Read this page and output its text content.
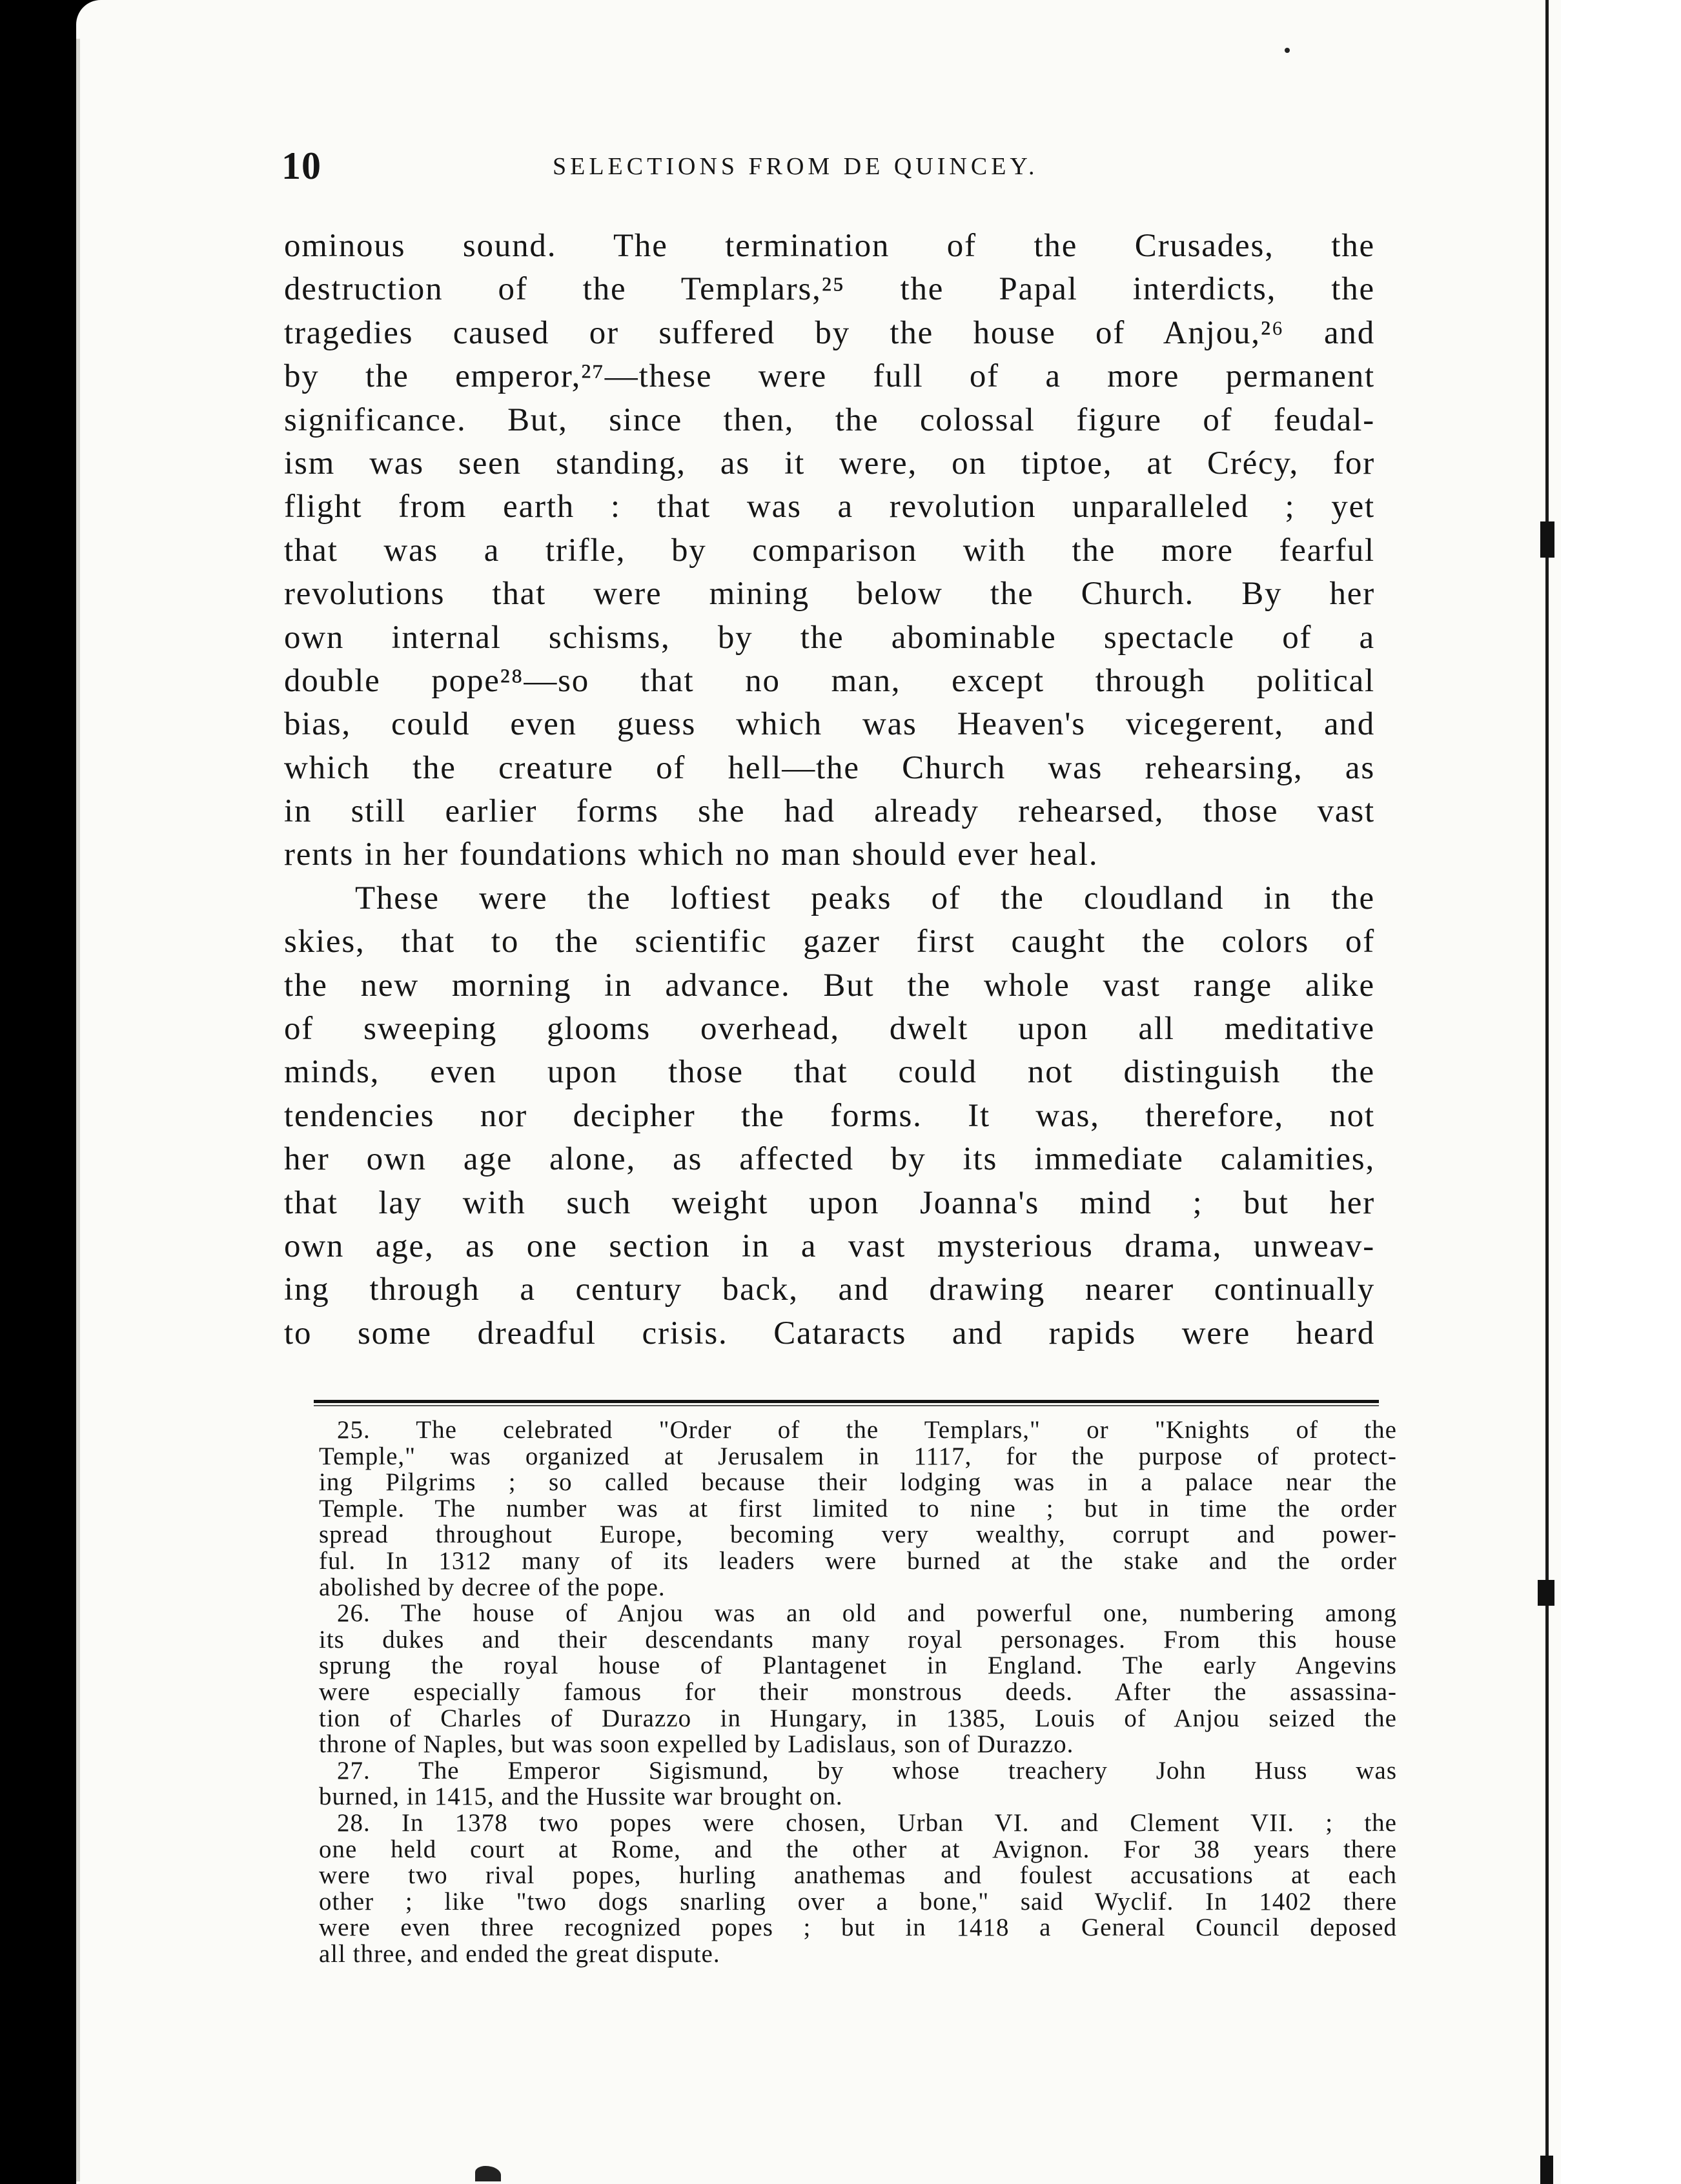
10	SELECTIONS FROM DE QUINCEY.
ominous sound. The termination of the Crusades, the
destruction of the Templars,²⁵ the Papal interdicts, the
tragedies caused or suffered by the house of Anjou,²⁶ and
by the emperor,²⁷—these were full of a more permanent
significance. But, since then, the colossal figure of feudal-
ism was seen standing, as it were, on tiptoe, at Crécy, for
flight from earth : that was a revolution unparalleled ; yet
that was a trifle, by comparison with the more fearful
revolutions that were mining below the Church. By her
own internal schisms, by the abominable spectacle of a
double pope²⁸—so that no man, except through political
bias, could even guess which was Heaven's vicegerent, and
which the creature of hell—the Church was rehearsing, as
in still earlier forms she had already rehearsed, those vast
rents in her foundations which no man should ever heal.
These were the loftiest peaks of the cloudland in the
skies, that to the scientific gazer first caught the colors of
the new morning in advance. But the whole vast range alike
of sweeping glooms overhead, dwelt upon all meditative
minds, even upon those that could not distinguish the
tendencies nor decipher the forms. It was, therefore, not
her own age alone, as affected by its immediate calamities,
that lay with such weight upon Joanna's mind ; but her
own age, as one section in a vast mysterious drama, unweav-
ing through a century back, and drawing nearer continually
to some dreadful crisis. Cataracts and rapids were heard
25. The celebrated "Order of the Templars," or "Knights of the
Temple," was organized at Jerusalem in 1117, for the purpose of protect-
ing Pilgrims ; so called because their lodging was in a palace near the
Temple. The number was at first limited to nine ; but in time the order
spread throughout Europe, becoming very wealthy, corrupt and power-
ful. In 1312 many of its leaders were burned at the stake and the order
abolished by decree of the pope.
26. The house of Anjou was an old and powerful one, numbering among
its dukes and their descendants many royal personages. From this house
sprung the royal house of Plantagenet in England. The early Angevins
were especially famous for their monstrous deeds. After the assassina-
tion of Charles of Durazzo in Hungary, in 1385, Louis of Anjou seized the
throne of Naples, but was soon expelled by Ladislaus, son of Durazzo.
27. The Emperor Sigismund, by whose treachery John Huss was
burned, in 1415, and the Hussite war brought on.
28. In 1378 two popes were chosen, Urban VI. and Clement VII. ; the
one held court at Rome, and the other at Avignon. For 38 years there
were two rival popes, hurling anathemas and foulest accusations at each
other ; like "two dogs snarling over a bone," said Wyclif. In 1402 there
were even three recognized popes ; but in 1418 a General Council deposed
all three, and ended the great dispute.
